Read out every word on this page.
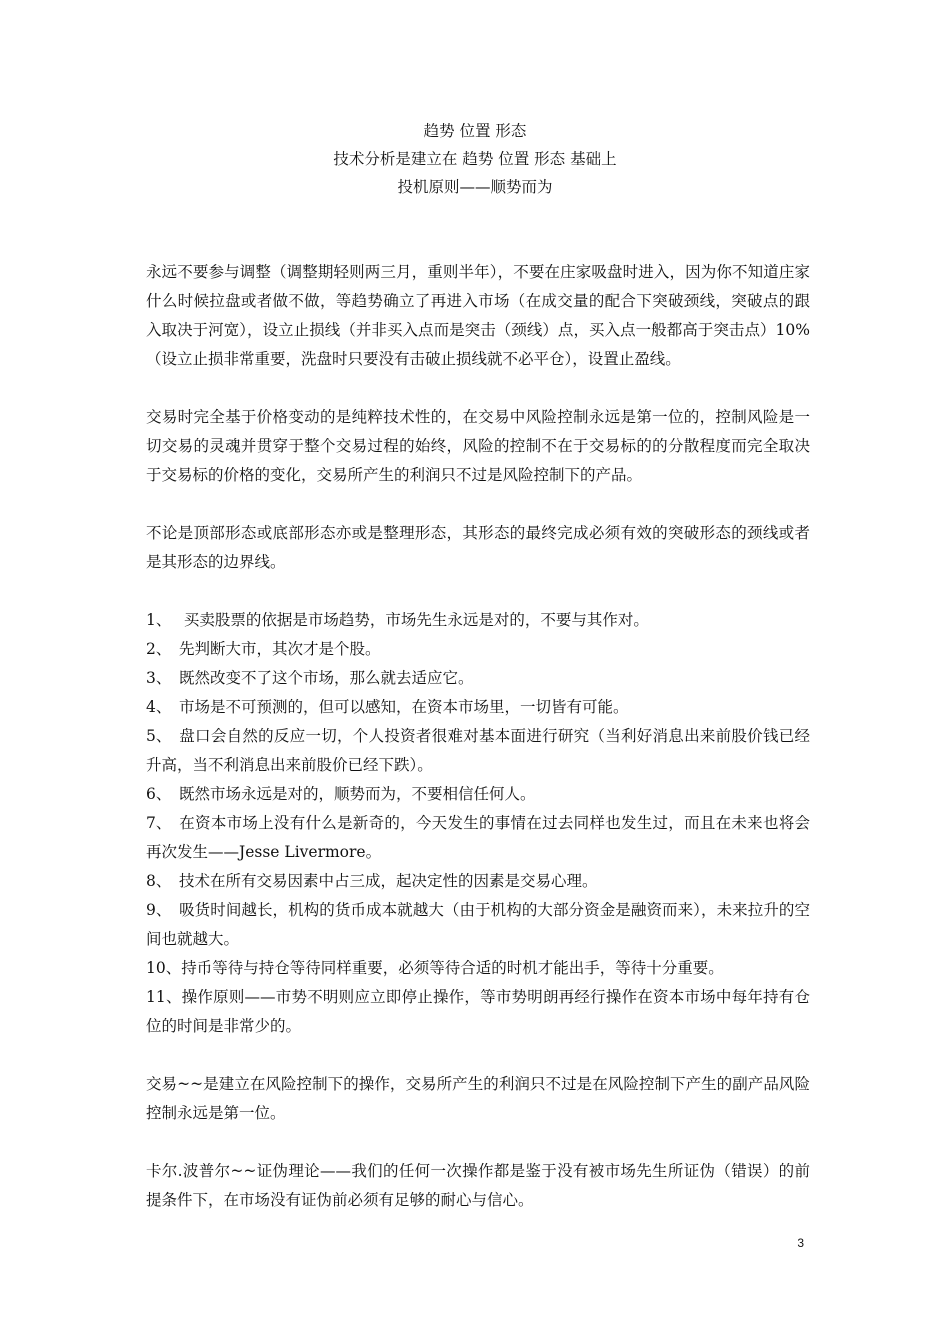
趋势 位置 形态
技术分析是建立在 趋势 位置 形态 基础上
投机原则——顺势而为

永远不要参与调整（调整期轻则两三月，重则半年），不要在庄家吸盘时进入，因为你不知道庄家什么时候拉盘或者做不做，等趋势确立了再进入市场（在成交量的配合下突破颈线，突破点的跟入取决于河宽），设立止损线（并非买入点而是突击（颈线）点，买入点一般都高于突击点）10%（设立止损非常重要，洗盘时只要没有击破止损线就不必平仓），设置止盈线。

交易时完全基于价格变动的是纯粹技术性的，在交易中风险控制永远是第一位的，控制风险是一切交易的灵魂并贯穿于整个交易过程的始终，风险的控制不在于交易标的的分散程度而完全取决于交易标的价格的变化，交易所产生的利润只不过是风险控制下的产品。

不论是顶部形态或底部形态亦或是整理形态，其形态的最终完成必须有效的突破形态的颈线或者是其形态的边界线。

1、 买卖股票的依据是市场趋势，市场先生永远是对的，不要与其作对。
2、 先判断大市，其次才是个股。
3、 既然改变不了这个市场，那么就去适应它。
4、 市场是不可预测的，但可以感知，在资本市场里，一切皆有可能。
5、 盘口会自然的反应一切，个人投资者很难对基本面进行研究（当利好消息出来前股价钱已经升高，当不利消息出来前股价已经下跌）。
6、 既然市场永远是对的，顺势而为，不要相信任何人。
7、 在资本市场上没有什么是新奇的，今天发生的事情在过去同样也发生过，而且在未来也将会再次发生——Jesse Livermore。
8、 技术在所有交易因素中占三成，起决定性的因素是交易心理。
9、 吸货时间越长，机构的货币成本就越大（由于机构的大部分资金是融资而来），未来拉升的空间也就越大。
10、持币等待与持仓等待同样重要，必须等待合适的时机才能出手，等待十分重要。
11、操作原则——市势不明则应立即停止操作，等市势明朗再经行操作在资本市场中每年持有仓位的时间是非常少的。

交易~~是建立在风险控制下的操作，交易所产生的利润只不过是在风险控制下产生的副产品风险控制永远是第一位。

卡尔.波普尔~~证伪理论——我们的任何一次操作都是鉴于没有被市场先生所证伪（错误）的前提条件下，在市场没有证伪前必须有足够的耐心与信心。

3
